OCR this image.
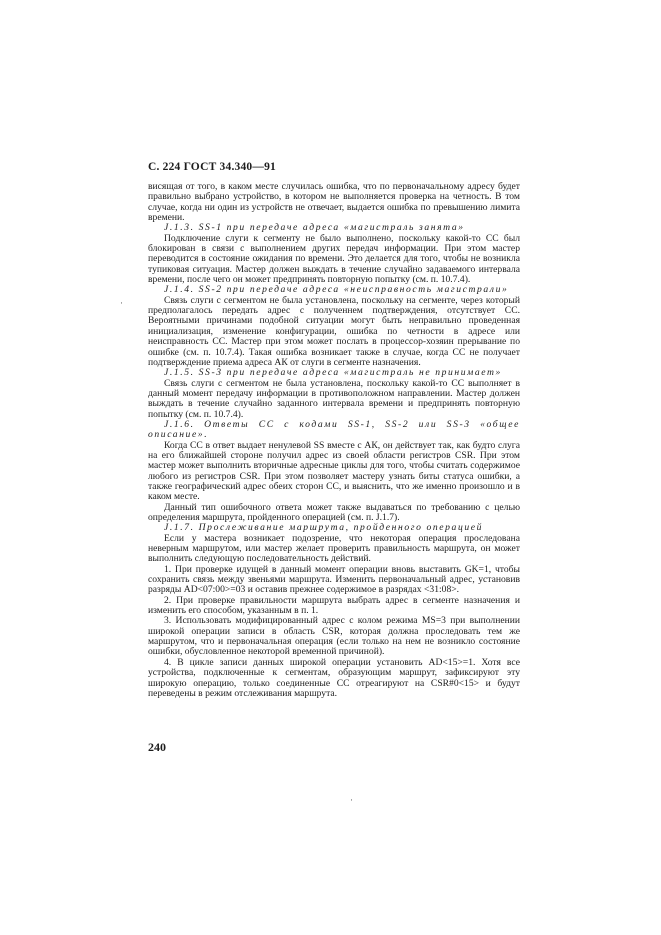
С. 224 ГОСТ 34.340—91

висящая от того, в каком месте случилась ошибка, что по первоначальному адресу будет правильно выбрано устройство, в котором не выполняется проверка на четность. В том случае, когда ни один из устройств не отвечает, выдается ошибка по превышению лимита времени.

J.1.3. SS-1 при передаче адреса «магистраль занята»

Подключение слуги к сегменту не было выполнено, поскольку какой-то СС был блокирован в связи с выполнением других передач информации. При этом мастер переводится в состояние ожидания по времени. Это делается для того, чтобы не возникла тупиковая ситуация. Мастер должен выждать в течение случайно задаваемого интервала времени, после чего он может предпринять повторную попытку (см. п. 10.7.4).

J.1.4. SS-2 при передаче адреса «неисправность магистрали»

Связь слуги с сегментом не была установлена, поскольку на сегменте, через который предполагалось передать адрес с полученнем подтверждения, отсутствует СС. Вероятными причинами подобной ситуации могут быть неправильно проведенная инициализация, изменение конфигурации, ошибка по четности в адресе или неисправность СС. Мастер при этом может послать в процессор-хозяин прерывание по ошибке (см. п. 10.7.4). Такая ошибка возникает также в случае, когда СС не получает подтверждение приема адреса АК от слуги в сегменте назначения.

J.1.5. SS-3 при передаче адреса «магистраль не принимает»

Связь слуги с сегментом не была установлена, поскольку какой-то СС выполняет в данный момент передачу информации в противоположном направлении. Мастер должен выждать в течение случайно заданного интервала времени и предпринять повторную попытку (см. п. 10.7.4).

J.1.6. Ответы СС с кодами SS-1, SS-2 или SS-3 «общее описание».

Когда СС в ответ выдает ненулевой SS вместе с АК, он действует так, как будто слуга на его ближайшей стороне получил адрес из своей области регистров CSR. При этом мастер может выполнить вторичные адресные циклы для того, чтобы считать содержимое любого из регистров CSR. При этом позволяет мастеру узнать биты статуса ошибки, а также географический адрес обеих сторон СС, и выяснить, что же именно произошло и в каком месте.

Данный тип ошибочного ответа может также выдаваться по требованию с целью определения маршрута, пройденного операцией (см. п. J.1.7).

J.1.7. Прослеживание маршрута, пройденного операцией

Если у мастера возникает подозрение, что некоторая операция проследована неверным маршрутом, или мастер желает проверить правильность маршрута, он может выполнить следующую последовательность действий.

1. При проверке идущей в данный момент операции вновь выставить GK=1, чтобы сохранить связь между звеньями маршрута. Изменить первоначальный адрес, установив разряды AD<07:00>=03 и оставив прежнее содержимое в разрядах <31:08>.

2. При проверке правильности маршрута выбрать адрес в сегменте назначения и изменить его способом, указанным в п. 1.

3. Использовать модифицированный адрес с колом режима MS=3 при выполнении широкой операции записи в область CSR, которая должна проследовать тем же маршрутом, что и первоначальная операция (если только на нем не возникло состояние ошибки, обусловленное некоторой временной причиной).

4. В цикле записи данных широкой операции установить AD<15>=1. Хотя все устройства, подключенные к сегментам, образующим маршрут, зафиксируют эту широкую операцию, только соединенные СС отреагируют на CSR#0<15> и будут переведены в режим отслеживания маршрута.

240
·
·
